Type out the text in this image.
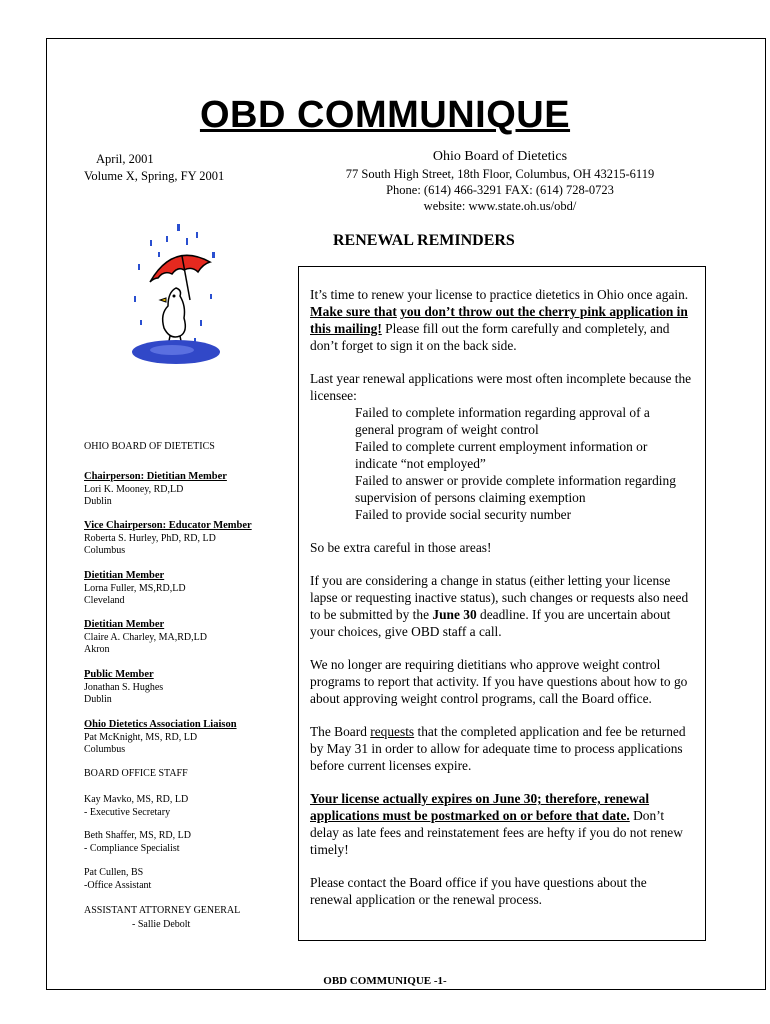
OBD COMMUNIQUE
April, 2001
Volume X, Spring, FY 2001
Ohio Board of Dietetics
77 South High Street, 18th Floor, Columbus, OH 43215-6119
Phone: (614) 466-3291 FAX: (614) 728-0723
website: www.state.oh.us/obd/
RENEWAL REMINDERS

It’s time to renew your license to practice dietetics in Ohio once again. Make sure that you don’t throw out the cherry pink application in this mailing! Please fill out the form carefully and completely, and don’t forget to sign it on the back side.

Last year renewal applications were most often incomplete because the licensee:
Failed to complete information regarding approval of a general program of weight control
Failed to complete current employment information or indicate “not employed”
Failed to answer or provide complete information regarding supervision of persons claiming exemption
Failed to provide social security number

So be extra careful in those areas!

If you are considering a change in status (either letting your license lapse or requesting inactive status), such changes or requests also need to be submitted by the June 30 deadline. If you are uncertain about your choices, give OBD staff a call.

We no longer are requiring dietitians who approve weight control programs to report that activity. If you have questions about how to go about approving weight control programs, call the Board office.

The Board requests that the completed application and fee be returned by May 31 in order to allow for adequate time to process applications before current licenses expire.

Your license actually expires on June 30; therefore, renewal applications must be postmarked on or before that date. Don’t delay as late fees and reinstatement fees are hefty if you do not renew timely!

Please contact the Board office if you have questions about the renewal application or the renewal process.

OHIO BOARD OF DIETETICS
Chairperson: Dietitian Member
Lori K. Mooney, RD,LD
Dublin
Vice Chairperson: Educator Member
Roberta S. Hurley, PhD, RD, LD
Columbus
Dietitian Member
Lorna Fuller, MS,RD,LD
Cleveland
Dietitian Member
Claire A. Charley, MA,RD,LD
Akron
Public Member
Jonathan S. Hughes
Dublin
Ohio Dietetics Association Liaison
Pat McKnight, MS, RD, LD
Columbus
BOARD OFFICE STAFF
Kay Mavko, MS, RD, LD
- Executive Secretary
Beth Shaffer, MS, RD, LD
- Compliance Specialist
Pat Cullen, BS
-Office Assistant
ASSISTANT ATTORNEY GENERAL
- Sallie Debolt
OBD COMMUNIQUE -1-
